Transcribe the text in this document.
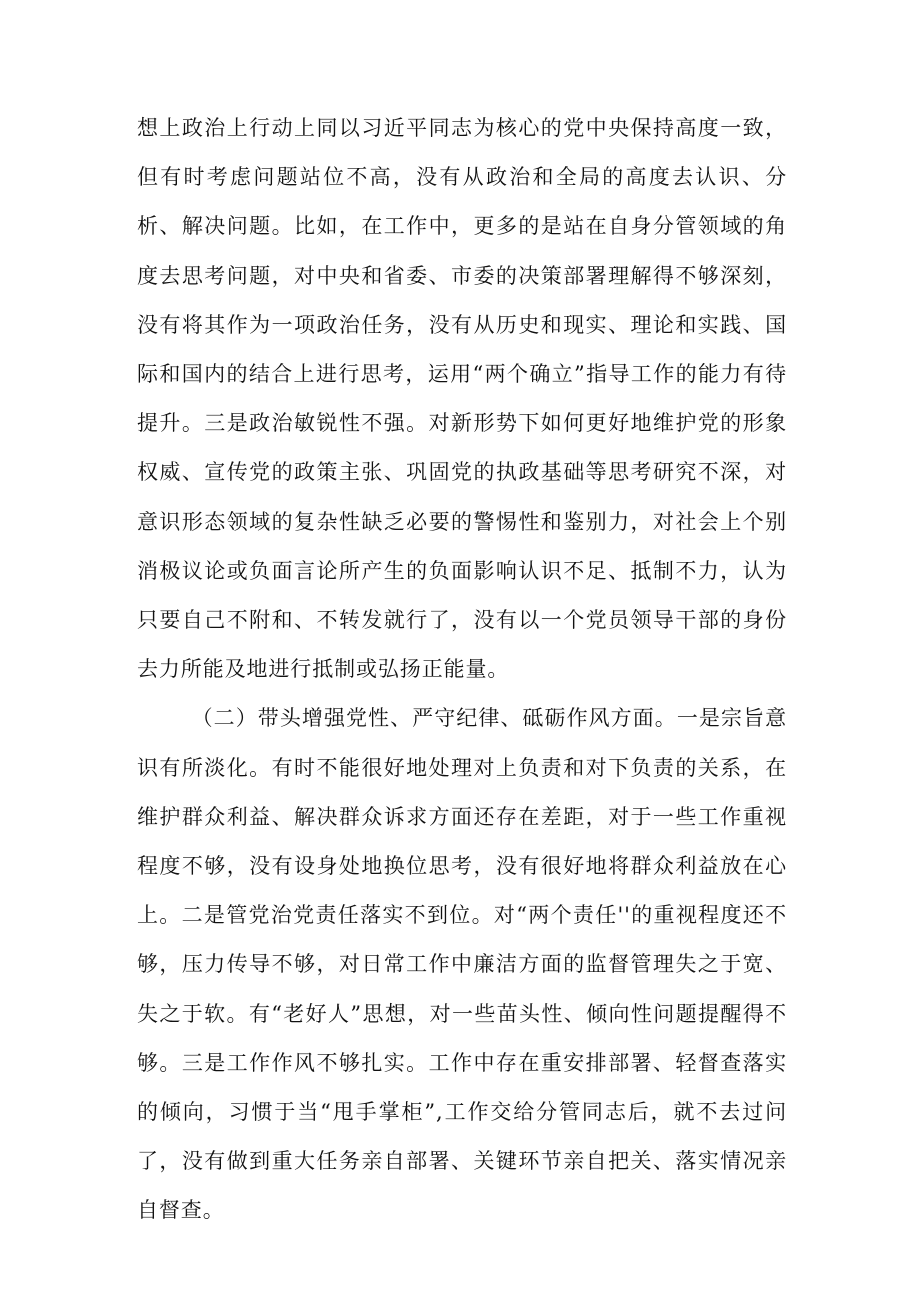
想上政治上行动上同以习近平同志为核心的党中央保持高度一致，但有时考虑问题站位不高，没有从政治和全局的高度去认识、分析、解决问题。比如，在工作中，更多的是站在自身分管领域的角度去思考问题，对中央和省委、市委的决策部署理解得不够深刻，没有将其作为一项政治任务，没有从历史和现实、理论和实践、国际和国内的结合上进行思考，运用“两个确立”指导工作的能力有待提升。三是政治敏锐性不强。对新形势下如何更好地维护党的形象权威、宣传党的政策主张、巩固党的执政基础等思考研究不深，对意识形态领域的复杂性缺乏必要的警惕性和鉴别力，对社会上个别消极议论或负面言论所产生的负面影响认识不足、抵制不力，认为只要自己不附和、不转发就行了，没有以一个党员领导干部的身份去力所能及地进行抵制或弘扬正能量。

（二）带头增强党性、严守纪律、砥砺作风方面。一是宗旨意识有所淡化。有时不能很好地处理对上负责和对下负责的关系，在维护群众利益、解决群众诉求方面还存在差距，对于一些工作重视程度不够，没有设身处地换位思考，没有很好地将群众利益放在心上。二是管党治党责任落实不到位。对“两个责任''的重视程度还不够，压力传导不够，对日常工作中廉洁方面的监督管理失之于宽、失之于软。有“老好人”思想，对一些苗头性、倾向性问题提醒得不够。三是工作作风不够扎实。工作中存在重安排部署、轻督查落实的倾向，习惯于当“甩手掌柜”,工作交给分管同志后，就不去过问了，没有做到重大任务亲自部署、关键环节亲自把关、落实情况亲自督查。
